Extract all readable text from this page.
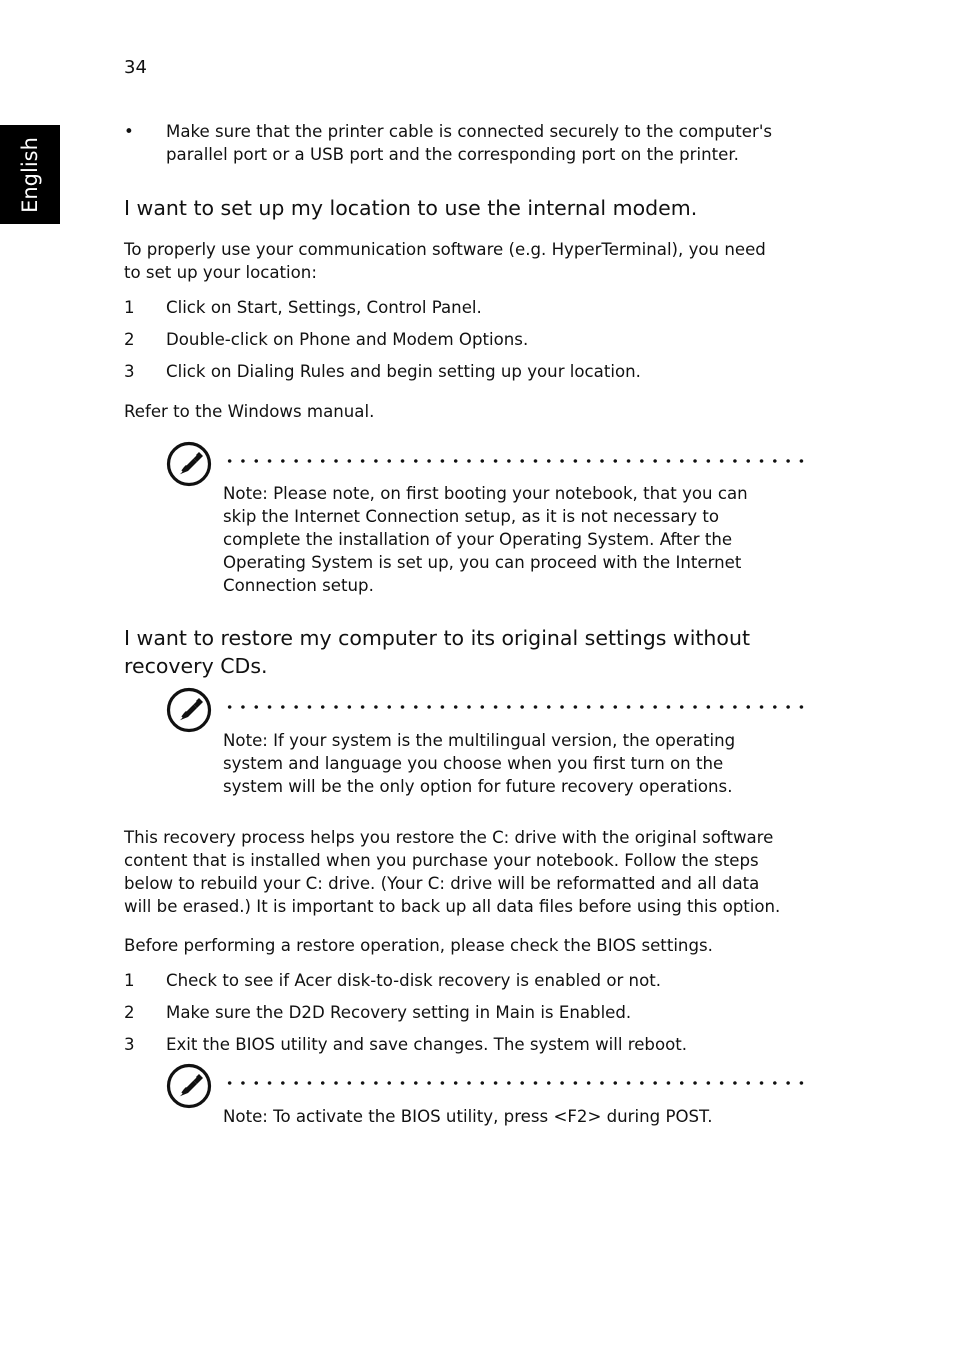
34
English
• Make sure that the printer cable is connected securely to the computer's
parallel port or a USB port and the corresponding port on the printer.
I want to set up my location to use the internal modem.
To properly use your communication software (e.g. HyperTerminal), you need
to set up your location:
1 Click on Start, Settings, Control Panel.
2 Double-click on Phone and Modem Options.
3 Click on Dialing Rules and begin setting up your location.
Refer to the Windows manual.
Note: Please note, on first booting your notebook, that you can
skip the Internet Connection setup, as it is not necessary to
complete the installation of your Operating System. After the
Operating System is set up, you can proceed with the Internet
Connection setup.
I want to restore my computer to its original settings without
recovery CDs.
Note: If your system is the multilingual version, the operating
system and language you choose when you first turn on the
system will be the only option for future recovery operations.
This recovery process helps you restore the C: drive with the original software
content that is installed when you purchase your notebook. Follow the steps
below to rebuild your C: drive. (Your C: drive will be reformatted and all data
will be erased.) It is important to back up all data files before using this option.
Before performing a restore operation, please check the BIOS settings.
1 Check to see if Acer disk-to-disk recovery is enabled or not.
2 Make sure the D2D Recovery setting in Main is Enabled.
3 Exit the BIOS utility and save changes. The system will reboot.
Note: To activate the BIOS utility, press <F2> during POST.
